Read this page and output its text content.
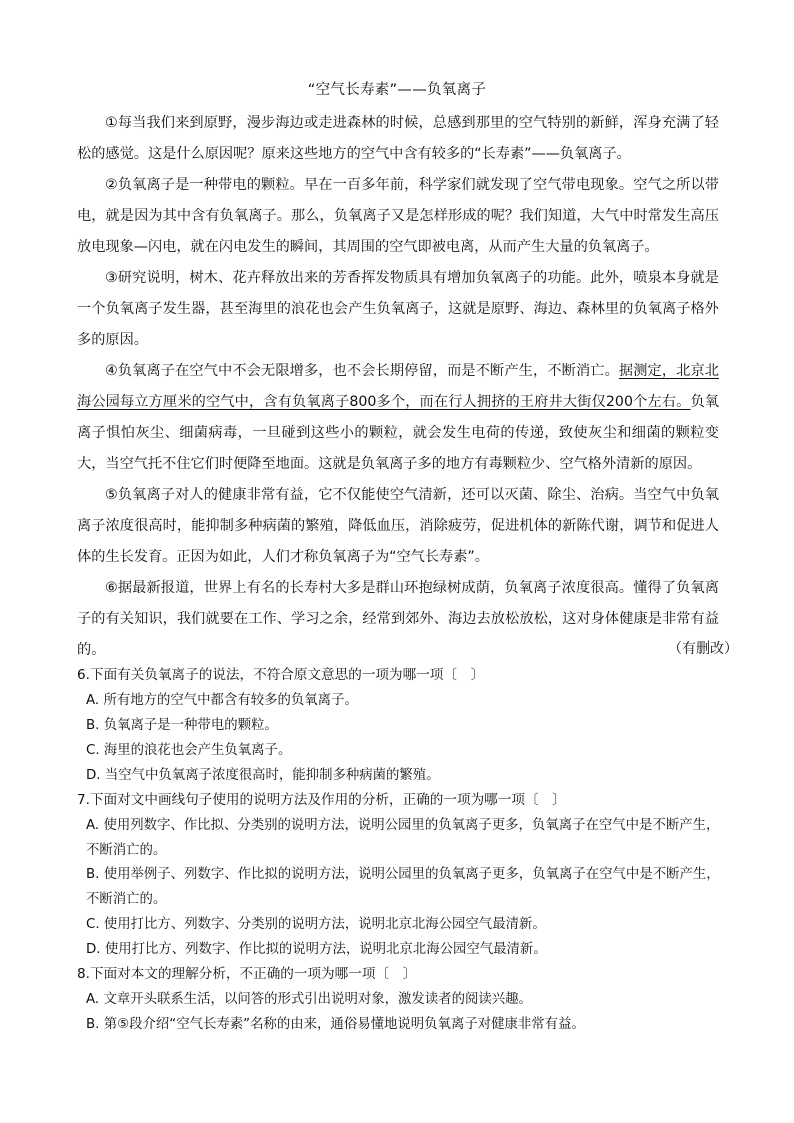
“空气长寿素”——负氧离子
①每当我们来到原野，漫步海边或走进森林的时候，总感到那里的空气特别的新鲜，浑身充满了轻松的感觉。这是什么原因呢？原来这些地方的空气中含有较多的“长寿素”——负氧离子。
②负氧离子是一种带电的颗粒。早在一百多年前，科学家们就发现了空气带电现象。空气之所以带电，就是因为其中含有负氧离子。那么，负氧离子又是怎样形成的呢？我们知道，大气中时常发生高压放电现象—闪电，就在闪电发生的瞬间，其周围的空气即被电离，从而产生大量的负氧离子。
③研究说明，树木、花卉释放出来的芳香挥发物质具有增加负氧离子的功能。此外，喷泉本身就是一个负氧离子发生器，甚至海里的浪花也会产生负氧离子，这就是原野、海边、森林里的负氧离子格外多的原因。
④负氧离子在空气中不会无限增多，也不会长期停留，而是不断产生，不断消亡。据测定，北京北海公园每立方厘米的空气中，含有负氧离子800多个，而在行人拥挤的王府井大街仅200个左右。负氧离子惧怕灰尘、细菌病毒，一旦碰到这些小的颗粒，就会发生电荷的传递，致使灰尘和细菌的颗粒变大，当空气托不住它们时便降至地面。这就是负氧离子多的地方有毒颗粒少、空气格外清新的原因。
⑤负氧离子对人的健康非常有益，它不仅能使空气清新，还可以灭菌、除尘、治病。当空气中负氧离子浓度很高时，能抑制多种病菌的繁殖，降低血压，消除疲劳，促进机体的新陈代谢，调节和促进人体的生长发育。正因为如此，人们才称负氧离子为“空气长寿素”。
⑥据最新报道，世界上有名的长寿村大多是群山环抱绿树成荫，负氧离子浓度很高。懂得了负氧离子的有关知识，我们就要在工作、学习之余，经常到郊外、海边去放松放松，这对身体健康是非常有益的。	（有删改）
6.下面有关负氧离子的说法，不符合原文意思的一项为哪一项〔　〕
A. 所有地方的空气中都含有较多的负氧离子。
B. 负氧离子是一种带电的颗粒。
C. 海里的浪花也会产生负氧离子。
D. 当空气中负氧离子浓度很高时，能抑制多种病菌的繁殖。
7.下面对文中画线句子使用的说明方法及作用的分析，正确的一项为哪一项〔　〕
A. 使用列数字、作比拟、分类别的说明方法，说明公园里的负氧离子更多，负氧离子在空气中是不断产生，不断消亡的。
B. 使用举例子、列数字、作比拟的说明方法，说明公园里的负氧离子更多，负氧离子在空气中是不断产生，不断消亡的。
C. 使用打比方、列数字、分类别的说明方法，说明北京北海公园空气最清新。
D. 使用打比方、列数字、作比拟的说明方法，说明北京北海公园空气最清新。
8.下面对本文的理解分析，不正确的一项为哪一项〔　〕
A. 文章开头联系生活，以问答的形式引出说明对象，激发读者的阅读兴趣。
B. 第⑤段介绍“空气长寿素”名称的由来，通俗易懂地说明负氧离子对健康非常有益。
